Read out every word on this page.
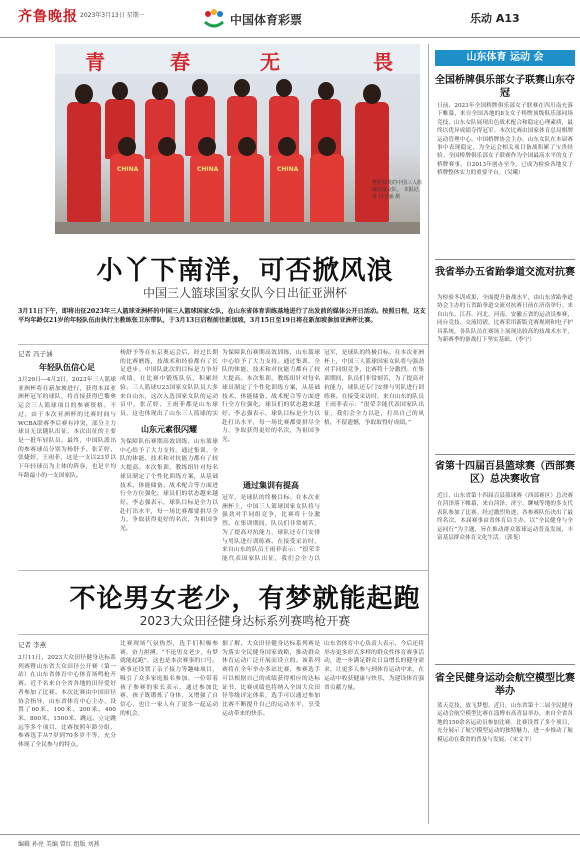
齐鲁晚报 2023年3月13日 星期一	中国体育彩票	乐动 A13
青	春	无	畏
CHINA	CHINA	CHINA
整装待发的中国三人篮球国家女队。 本报记者 冯子涵 摄
山东体育 运动 会
全国桥牌俱乐部女子联赛山东夺冠
日前，2023年全国桥牌俱乐部女子联赛在四川南充落下帷幕，来自全国各地的8支女子桥牌顶级俱乐部同场竞技，山东女队展现出色战术配合和稳定心理素质，最终以优异成绩夺得冠军。本次比赛由国家体育总局棋牌运动管理中心、中国桥牌协会主办。山东女队在本届赛事中表现稳定，为全运会相关项目备战积累了宝贵经验。全国桥牌俱乐部女子联赛作为全国最高水平的女子桥牌赛事，自2013年创办至今，已成为检验各地女子桥牌整体实力的重要平台。（吴曦）
我省举办五省跆拳道交流对抗赛
为检验冬训成果，全面提升备战水平，由山东省跆拳道协会主办的五省跆拳道交流对抗赛日前在济南举行。来自山东、江苏、河北、河南、安徽五省的运动员参赛，同台竞技、交流切磋，比赛采用新版竞赛规则和电子护具系统，各队队员在赛场上展现出较高的技战术水平，为新赛季的备战打下坚实基础。（李宁）
省第十四届百县篮球赛（西部赛区）总决赛收官
近日，山东省第十四届百县篮球赛（西部赛区）总决赛在菏泽落下帷幕，来自菏泽、济宁、聊城等地的多支代表队参加了比赛。经过激烈角逐，各参赛队伍决出了最终名次，本届赛事由省体育局主办，以“全民健身与全运同行”为主题，旨在推动群众篮球运动普及发展，丰富基层群众体育文化生活。（郭斐）
省全民健身运动会航空模型比赛举办
蓝天竞技，放飞梦想。近日，山东省第十二届全民健身运动会航空模型比赛在淄博市高青县举办，来自全省各地的150余名运动员参加比赛。比赛设置了多个项目，充分展示了航空模型运动的独特魅力，进一步推动了航模运动在我省的普及与发展。（宋文平）
小丫下南洋，可否掀风浪
中国三人篮球国家女队今日出征亚洲杯
3月11日下午，即将出征2023年三人篮球亚洲杯的中国三人篮球国家女队，在山东省体育训练基地进行了出发前的媒体公开日活动。按照日程，这支平均年龄仅21岁的年轻队伍由执行主教练张卫东带队，于3月13日启程前往新加坡，3月15日至19日将在新加坡参加亚洲杯比赛。
记者 冯子涵
年轻队伍信心足
3月29日—4月2日，2023年三人篮球亚洲杯将在新加坡进行，获得本届亚洲杯冠军的球队，将直接获得巴黎奥运会三人篮球项目的参赛资格。不过，由于本次亚洲杯的比赛时间与WCBA联赛季后赛有冲突，部分主力球员无法随队出征，本次出征的主要是一批年轻队员。最终，中国队派出的参赛球员分别为杨舒予、张芷婷、张婕婷、王雨菲，这是一支以23岁以下年轻球员为主体的阵容，也是平均年龄最小的一支国家队。
杨舒予等在东京奥运会后，经过长期的比赛磨练，技战术和经验都有了长足进步。中国队此次的目标是力争好成绩，在比赛中锻炼队伍、积累经验。三人篮球U23国家女队队员大多来自山东，这次入选国家女队的运动员中，张芷婷、王雨菲都是山东球员，这也体现出了山东三人篮球的实
山东元素很闪耀
为保障队伍赛期高效训练，山东篮球中心给予了大力支持。通过集训，全队的体能、技术和对抗能力都有了较大提高。本次集训，教练组针对每名球员制定了个性化训练方案，从基础技术、体能储备、战术配合等方面进行全方位强化，球员们的状态越来越好。李志强表示，球队目标是全力以赴打出水平，每一场比赛都要拼尽全力，争取获得更好的名次，为祖国争光。
为保障队伍赛期高效训练，山东篮球中心给予了大力支持。通过集训，全队的体能、技术和对抗能力都有了较大提高。本次集训，教练组针对每名球员制定了个性化训练方案，从基础技术、体能储备、战术配合等方面进行全方位强化，球员们的状态越来越好。李志强表示，球队目标是全力以赴打出水平，每一场比赛都要拼尽全力，争取获得更好的名次，为祖国争光。
通过集训有提高
冠军，是球队的终极目标。在本次亚洲杯上，中国三人篮球国家女队将与强劲对手同组竞争，比赛将十分激烈。在集训期间，队员们非常刻苦，为了提高对抗能力，球队还专门安排与男队进行训练赛。在接受采访时，来自山东的队员王雨菲表示：“很荣幸能代表国家队出征，我们会全力以
冠军，是球队的终极目标。在本次亚洲杯上，中国三人篮球国家女队将与强劲对手同组竞争，比赛将十分激烈。在集训期间，队员们非常刻苦，为了提高对抗能力，球队还专门安排与男队进行训练赛。在接受采访时，来自山东的队员王雨菲表示：“很荣幸能代表国家队出征，我们会全力以赴，打出自己的风格，不留遗憾，争取取得好成绩。”
不论男女老少，有梦就能起跑
2023大众田径健身达标系列赛鸣枪开赛
记者 李燕
3月11日，2023大众田径健身达标系列赛暨山东省大众田径公开赛（第一站）在山东省体育中心体育场鸣枪开赛。近千名来自全省各地的田径爱好者参加了比赛。本次比赛由中国田径协会指导，山东省体育中心主办，设置了60米、100米、200米、400米、800米、1500米、跳远、立定跳远等多个项目，比赛按照年龄分组，参赛选手从7岁到70多岁不等，充分体现了全民参与的特点。
比赛现场气氛热烈，选手们积极参赛，奋力拼搏。“不论男女老少，有梦就能起跑”，这也是本次赛事的口号。赛事还设置了亲子接力等趣味项目，吸引了众多家庭报名参加。一位带着孩子参赛的家长表示，通过参加比赛，孩子既锻炼了身体，又增强了自信心，也让一家人有了更多一起运动的机会。
据了解，大众田径健身达标系列赛是为落实全民健身国家战略，推动群众体育运动广泛开展而设立的。该系列赛将在全年举办多站比赛，参赛选手可以根据自己的成绩获得相应的达标证书，比赛成绩也将纳入全国大众田径等级评定体系，选手可以通过参加比赛不断提升自己的运动水平，享受运动带来的快乐。
山东省体育中心负责人表示，今后还将举办更多形式多样的群众性体育赛事活动，进一步满足群众日益增长的健身需求，让更多人参与到体育运动中来，在运动中收获健康与快乐，为建设体育强省贡献力量。
编辑 孙亮 美编 曾红 组版 刘燕
